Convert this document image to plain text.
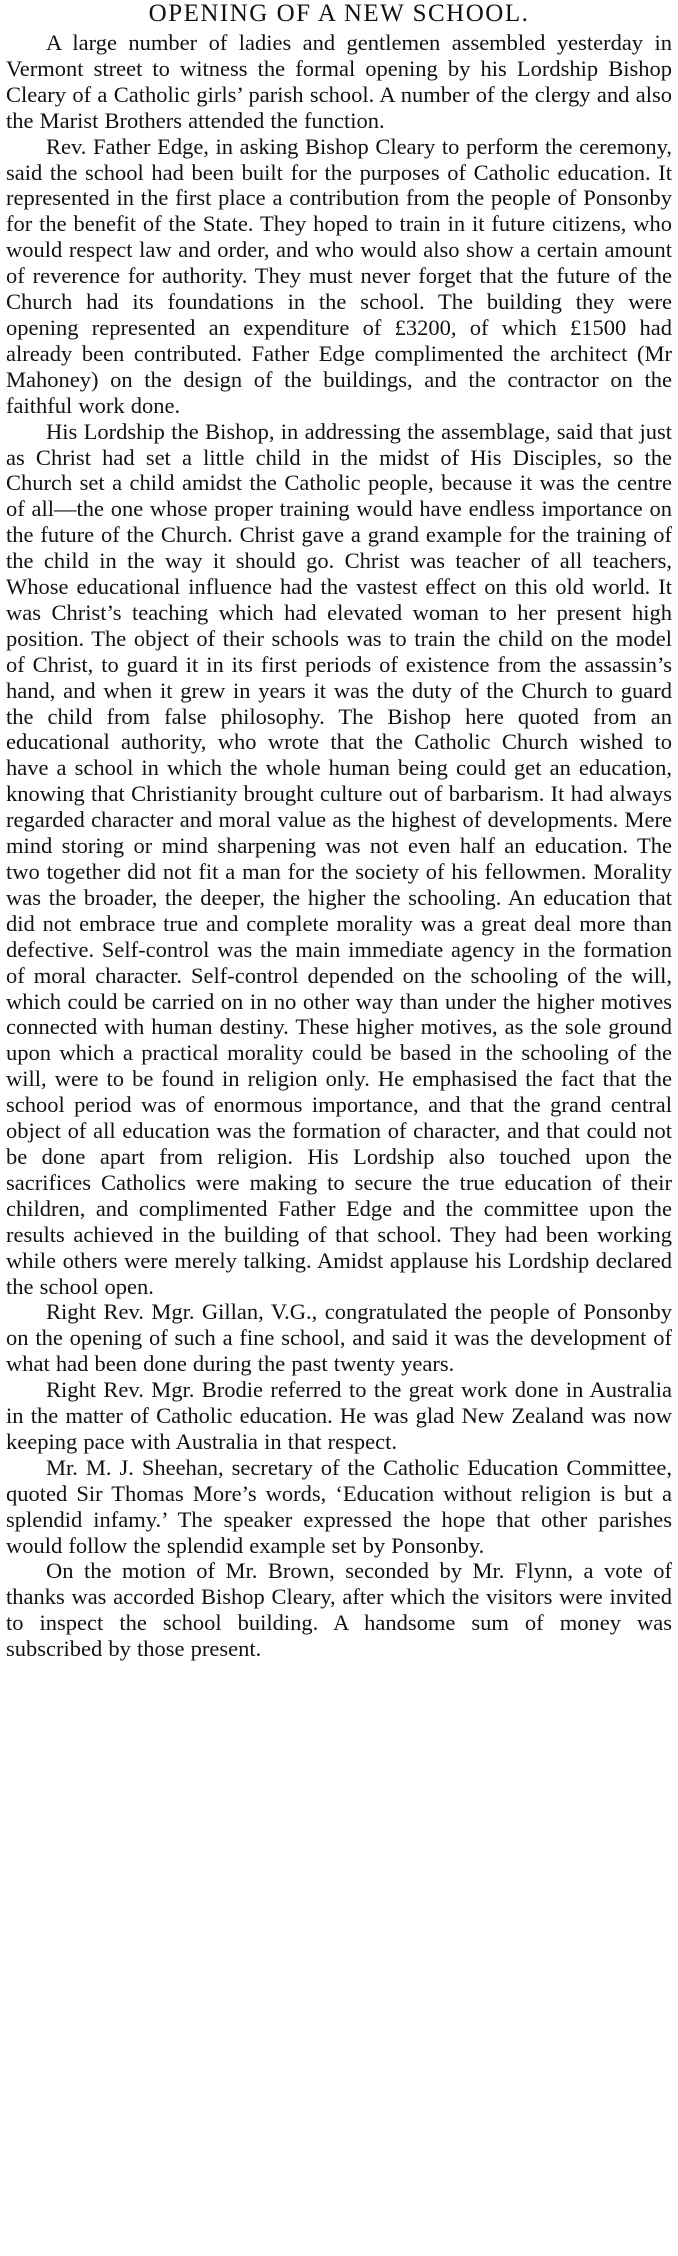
OPENING OF A NEW SCHOOL.

A large number of ladies and gentlemen assembled yesterday in Vermont street to witness the formal opening by his Lordship Bishop Cleary of a Catholic girls’ parish school. A number of the clergy and also the Marist Brothers attended the function.

Rev. Father Edge, in asking Bishop Cleary to perform the ceremony, said the school had been built for the purposes of Catholic education. It represented in the first place a contribution from the people of Ponsonby for the benefit of the State. They hoped to train in it future citizens, who would respect law and order, and who would also show a certain amount of reverence for authority. They must never forget that the future of the Church had its foundations in the school. The building they were opening represented an expenditure of £3200, of which £1500 had already been contributed. Father Edge complimented the architect (Mr Mahoney) on the design of the buildings, and the contractor on the faithful work done.

His Lordship the Bishop, in addressing the assemblage, said that just as Christ had set a little child in the midst of His Disciples, so the Church set a child amidst the Catholic people, because it was the centre of all—the one whose proper training would have endless importance on the future of the Church. Christ gave a grand example for the training of the child in the way it should go. Christ was teacher of all teachers, Whose educational influence had the vastest effect on this old world. It was Christ’s teaching which had elevated woman to her present high position. The object of their schools was to train the child on the model of Christ, to guard it in its first periods of existence from the assassin’s hand, and when it grew in years it was the duty of the Church to guard the child from false philosophy. The Bishop here quoted from an educational authority, who wrote that the Catholic Church wished to have a school in which the whole human being could get an education, knowing that Christianity brought culture out of barbarism. It had always regarded character and moral value as the highest of developments. Mere mind storing or mind sharpening was not even half an education. The two together did not fit a man for the society of his fellowmen. Morality was the broader, the deeper, the higher the schooling. An education that did not embrace true and complete morality was a great deal more than defective. Self-control was the main immediate agency in the formation of moral character. Self-control depended on the schooling of the will, which could be carried on in no other way than under the higher motives connected with human destiny. These higher motives, as the sole ground upon which a practical morality could be based in the schooling of the will, were to be found in religion only. He emphasised the fact that the school period was of enormous importance, and that the grand central object of all education was the formation of character, and that could not be done apart from religion. His Lordship also touched upon the sacrifices Catholics were making to secure the true education of their children, and complimented Father Edge and the committee upon the results achieved in the building of that school. They had been working while others were merely talking. Amidst applause his Lordship declared the school open.

Right Rev. Mgr. Gillan, V.G., congratulated the people of Ponsonby on the opening of such a fine school, and said it was the development of what had been done during the past twenty years.

Right Rev. Mgr. Brodie referred to the great work done in Australia in the matter of Catholic education. He was glad New Zealand was now keeping pace with Australia in that respect.

Mr. M. J. Sheehan, secretary of the Catholic Education Committee, quoted Sir Thomas More’s words, ‘Education without religion is but a splendid infamy.’ The speaker expressed the hope that other parishes would follow the splendid example set by Ponsonby.

On the motion of Mr. Brown, seconded by Mr. Flynn, a vote of thanks was accorded Bishop Cleary, after which the visitors were invited to inspect the school building. A handsome sum of money was subscribed by those present.
